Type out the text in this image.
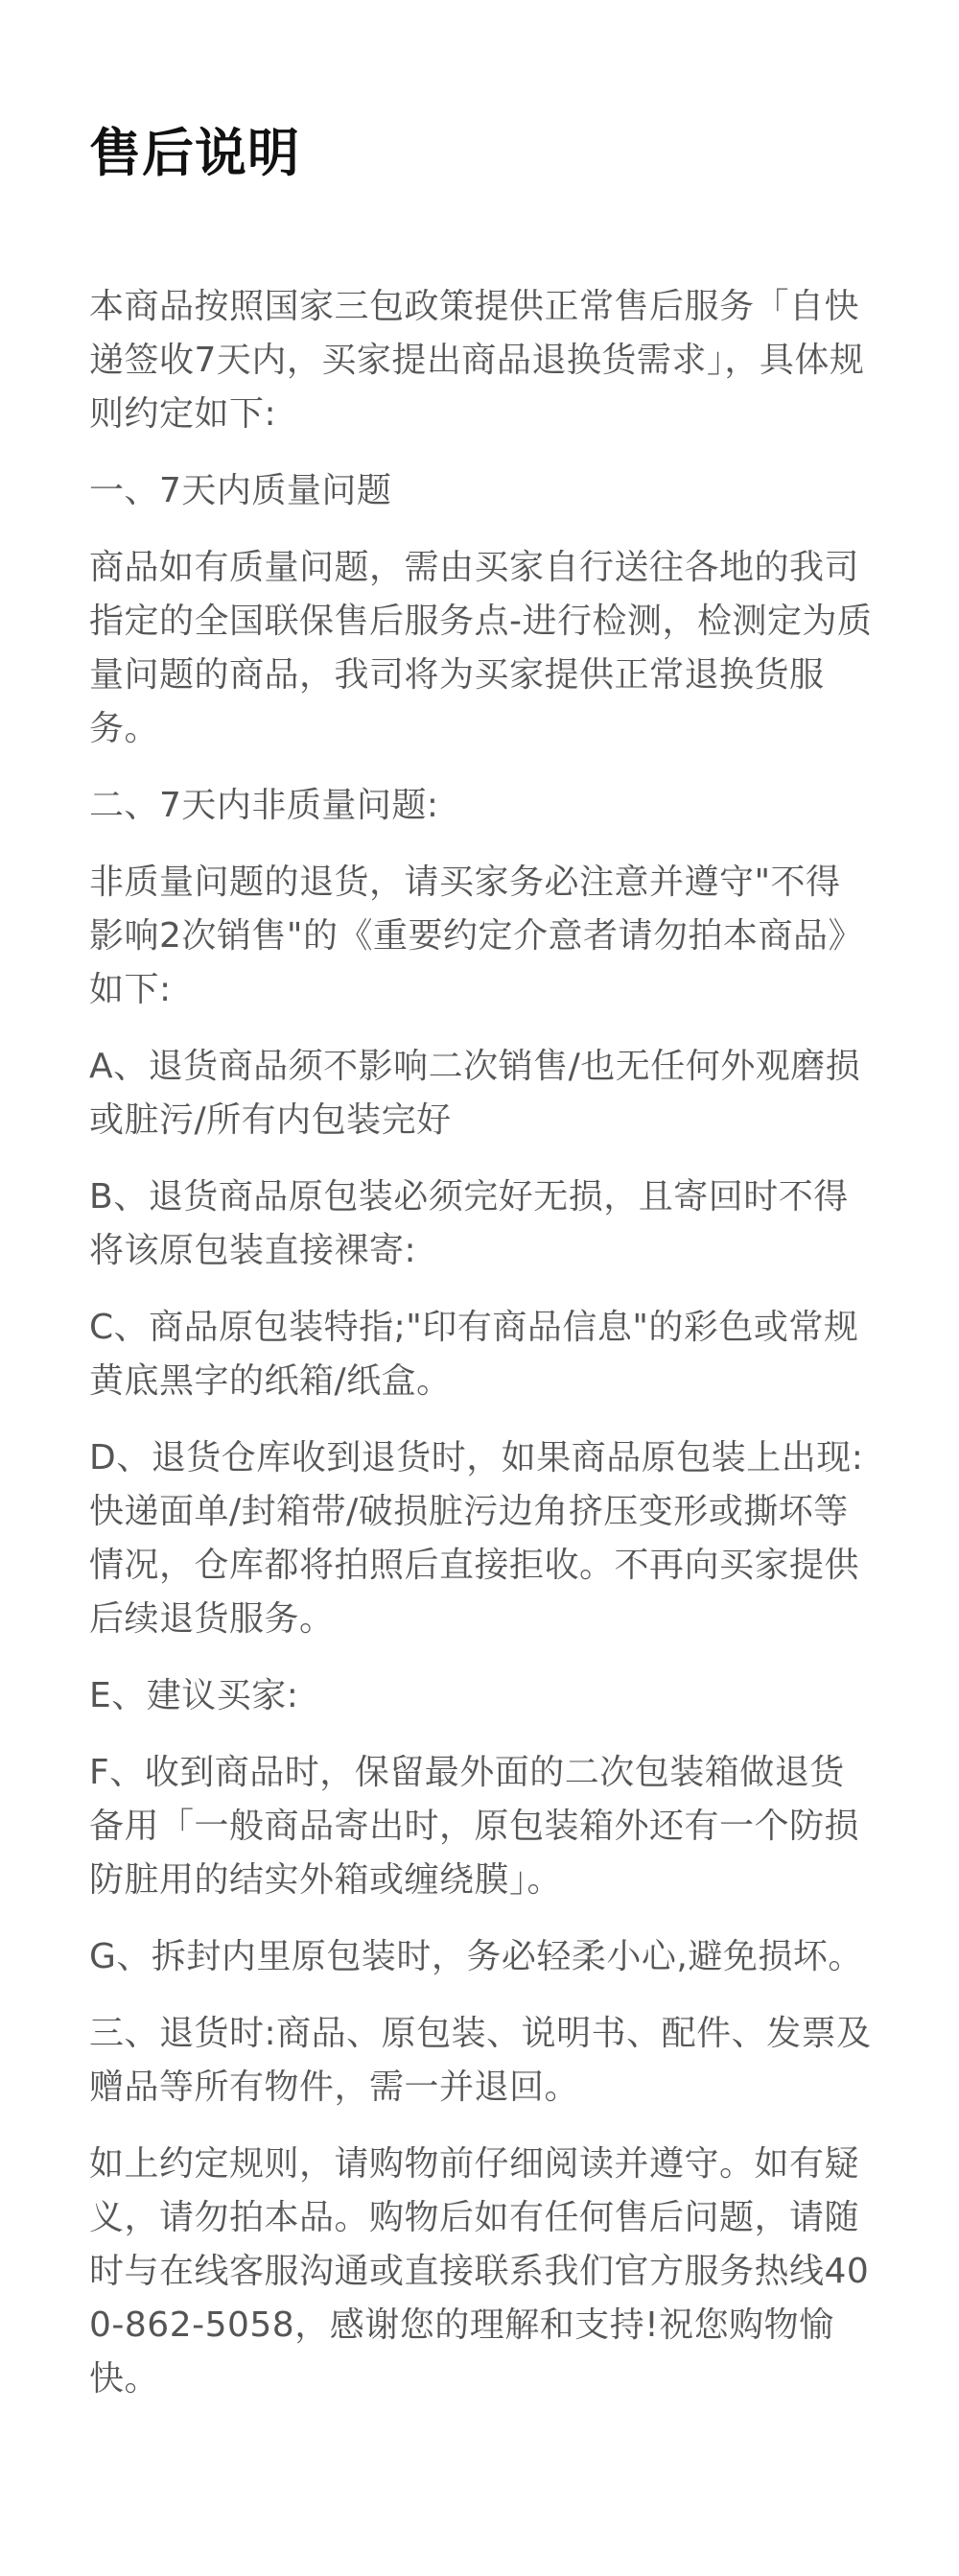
售后说明

本商品按照国家三包政策提供正常售后服务「自快递签收7天内，买家提出商品退换货需求」，具体规则约定如下:

一、7天内质量问题

商品如有质量问题，需由买家自行送往各地的我司指定的全国联保售后服务点-进行检测，检测定为质量问题的商品，我司将为买家提供正常退换货服务。

二、7天内非质量问题:

非质量问题的退货，请买家务必注意并遵守"不得影响2次销售"的《重要约定介意者请勿拍本商品》如下:

A、退货商品须不影响二次销售/也无任何外观磨损或脏污/所有内包装完好

B、退货商品原包装必须完好无损，且寄回时不得将该原包装直接裸寄:

C、商品原包装特指;"印有商品信息"的彩色或常规黄底黑字的纸箱/纸盒。

D、退货仓库收到退货时，如果商品原包装上出现:快递面单/封箱带/破损脏污边角挤压变形或撕坏等情况，仓库都将拍照后直接拒收。不再向买家提供后续退货服务。

E、建议买家:

F、收到商品时，保留最外面的二次包装箱做退货备用「一般商品寄出时，原包装箱外还有一个防损防脏用的结实外箱或缠绕膜」。

G、拆封内里原包装时，务必轻柔小心,避免损坏。

三、退货时:商品、原包装、说明书、配件、发票及赠品等所有物件，需一并退回。

如上约定规则，请购物前仔细阅读并遵守。如有疑义，请勿拍本品。购物后如有任何售后问题，请随时与在线客服沟通或直接联系我们官方服务热线400-862-5058，感谢您的理解和支持!祝您购物愉快。
